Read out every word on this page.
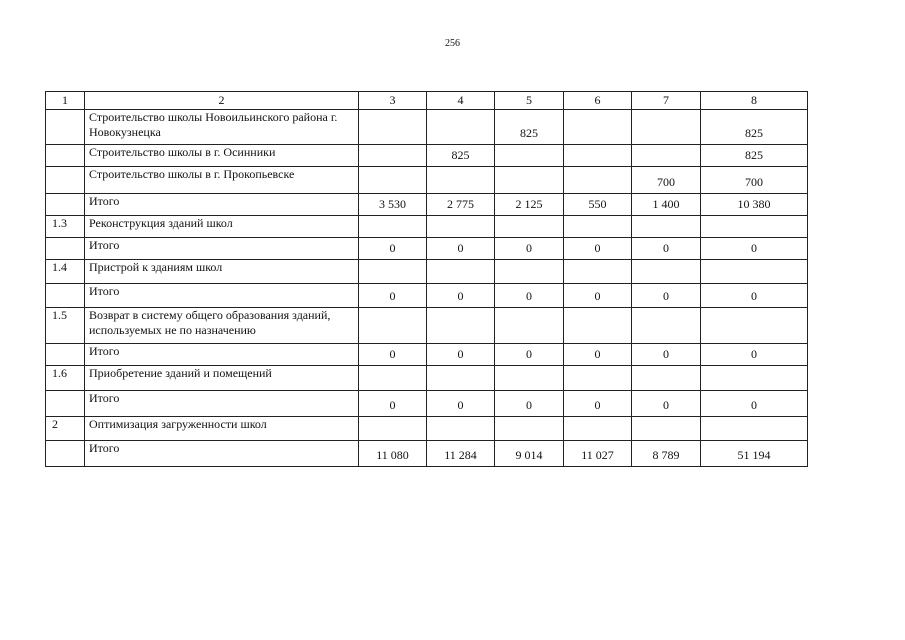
256
1	2	3	4	5	6	7	8
	Строительство школы Новоильинского района г. Новокузнецка			825			825
	Строительство школы в г. Осинники		825				825
	Строительство школы в г. Прокопьевске					700	700
	Итого	3 530	2 775	2 125	550	1 400	10 380
1.3	Реконструкция зданий школ						
	Итого	0	0	0	0	0	0
1.4	Пристрой к зданиям школ						
	Итого	0	0	0	0	0	0
1.5	Возврат в систему общего образования зданий, используемых не по назначению						
	Итого	0	0	0	0	0	0
1.6	Приобретение зданий и помещений						
	Итого	0	0	0	0	0	0
2	Оптимизация загруженности школ						
	Итого	11 080	11 284	9 014	11 027	8 789	51 194
